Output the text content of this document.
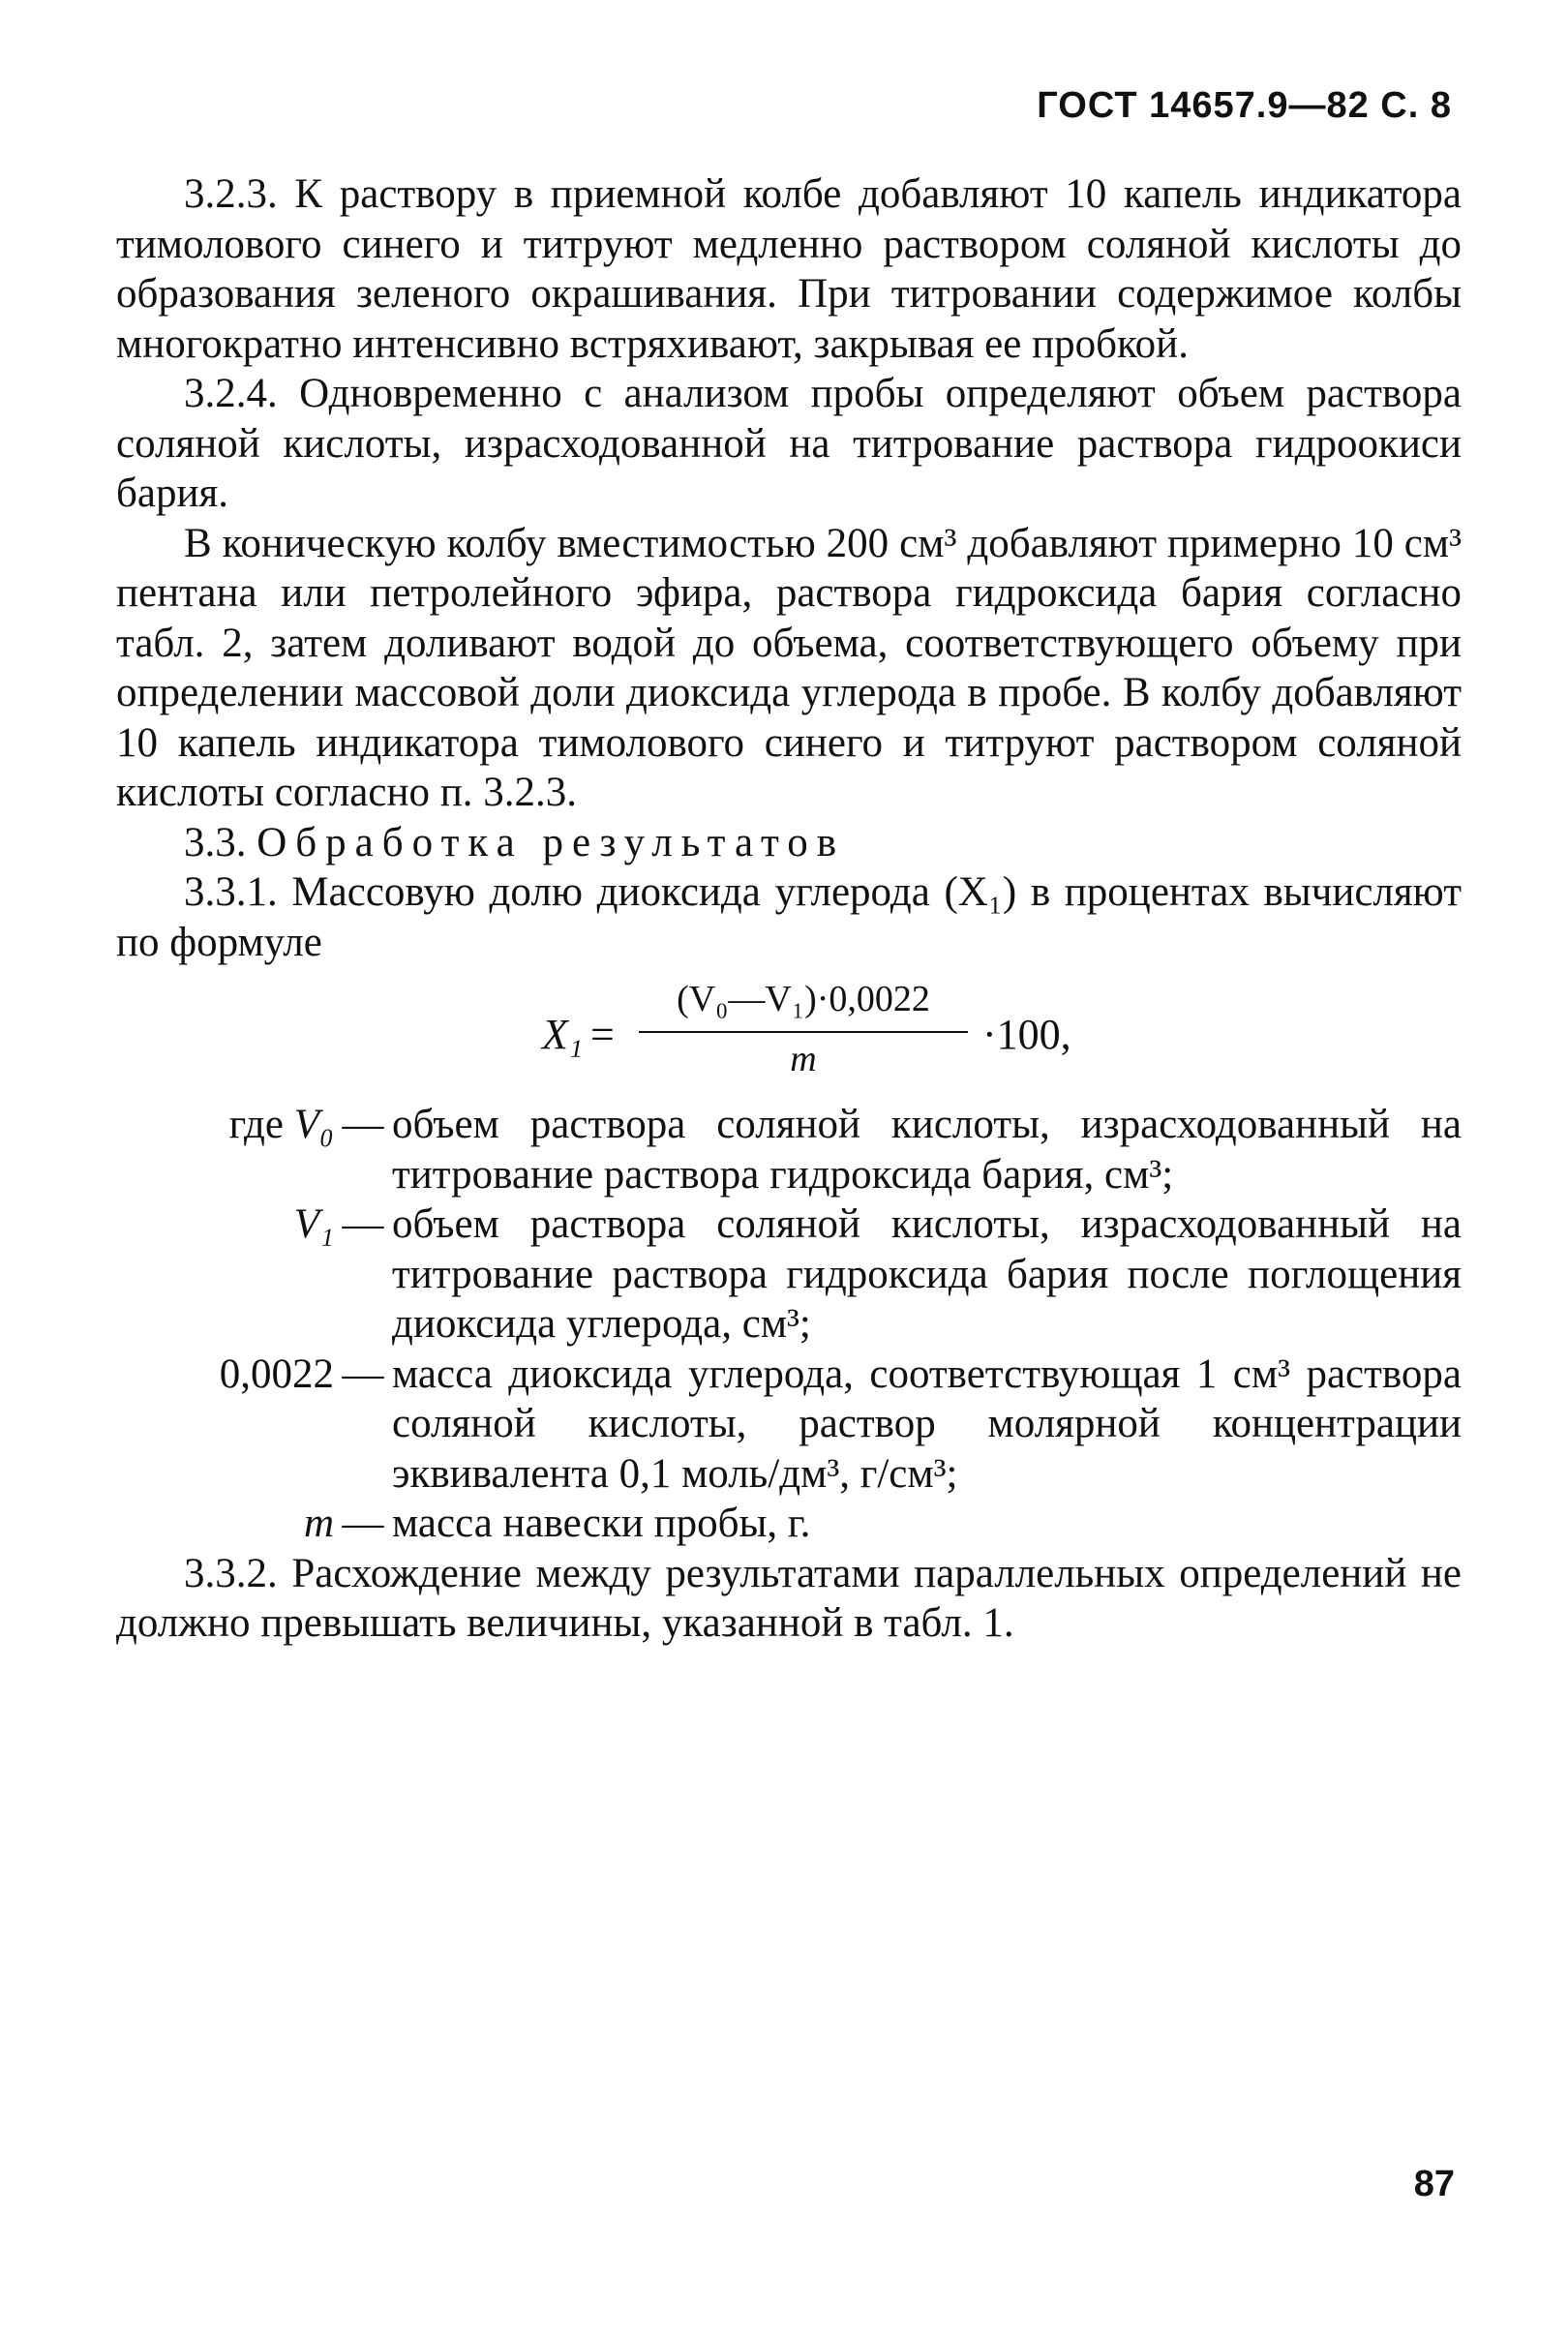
ГОСТ 14657.9—82 С. 8

3.2.3. К раствору в приемной колбе добавляют 10 капель индикатора тимолового синего и титруют медленно раствором соляной кислоты до образования зеленого окрашивания. При титровании содержимое колбы многократно интенсивно встряхивают, закрывая ее пробкой.

3.2.4. Одновременно с анализом пробы определяют объем раствора соляной кислоты, израсходованной на титрование раствора гидроокиси бария.

В коническую колбу вместимостью 200 см³ добавляют примерно 10 см³ пентана или петролейного эфира, раствора гидроксида бария согласно табл. 2, затем доливают водой до объема, соответствующего объему при определении массовой доли диоксида углерода в пробе. В колбу добавляют 10 капель индикатора тимолового синего и титруют раствором соляной кислоты согласно п. 3.2.3.

3.3. Обработка результатов

3.3.1. Массовую долю диоксида углерода (X₁) в процентах вычисляют по формуле

X₁ =
(V₀—V₁)·0,0022
m
·100,
где V₀ — объем раствора соляной кислоты, израсходованный на титрование раствора гидроксида бария, см³;
V₁ — объем раствора соляной кислоты, израсходованный на титрование раствора гидроксида бария после поглощения диоксида углерода, см³;
0,0022 — масса диоксида углерода, соответствующая 1 см³ раствора соляной кислоты, раствор молярной концентрации эквивалента 0,1 моль/дм³, г/см³;
m — масса навески пробы, г.

3.3.2. Расхождение между результатами параллельных определений не должно превышать величины, указанной в табл. 1.

87
